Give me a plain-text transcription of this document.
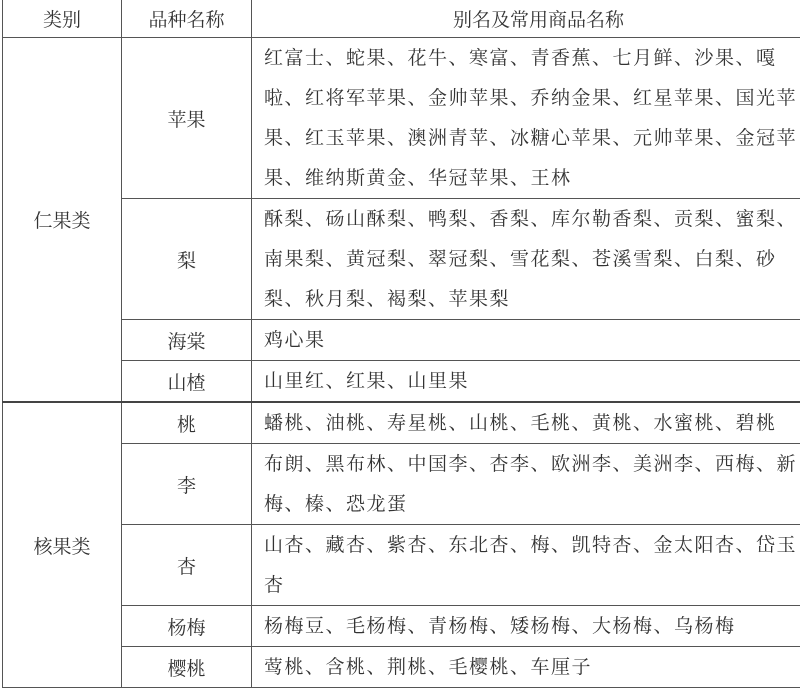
类别	品种名称	别名及常用商品名称
仁果类	苹果	红富士、蛇果、花牛、寒富、青香蕉、七月鲜、沙果、嘎
啦、红将军苹果、金帅苹果、乔纳金果、红星苹果、国光苹
果、红玉苹果、澳洲青苹、冰糖心苹果、元帅苹果、金冠苹
果、维纳斯黄金、华冠苹果、王林

	梨	酥梨、砀山酥梨、鸭梨、香梨、库尔勒香梨、贡梨、蜜梨、
南果梨、黄冠梨、翠冠梨、雪花梨、苍溪雪梨、白梨、砂
梨、秋月梨、褐梨、苹果梨

	海棠	鸡心果

	山楂	山里红、红果、山里果

核果类	桃	蟠桃、油桃、寿星桃、山桃、毛桃、黄桃、水蜜桃、碧桃

	李	布朗、黑布林、中国李、杏李、欧洲李、美洲李、西梅、新
梅、榛、恐龙蛋

	杏	山杏、藏杏、紫杏、东北杏、梅、凯特杏、金太阳杏、岱玉
杏

	杨梅	杨梅豆、毛杨梅、青杨梅、矮杨梅、大杨梅、乌杨梅

	樱桃	莺桃、含桃、荆桃、毛樱桃、车厘子
